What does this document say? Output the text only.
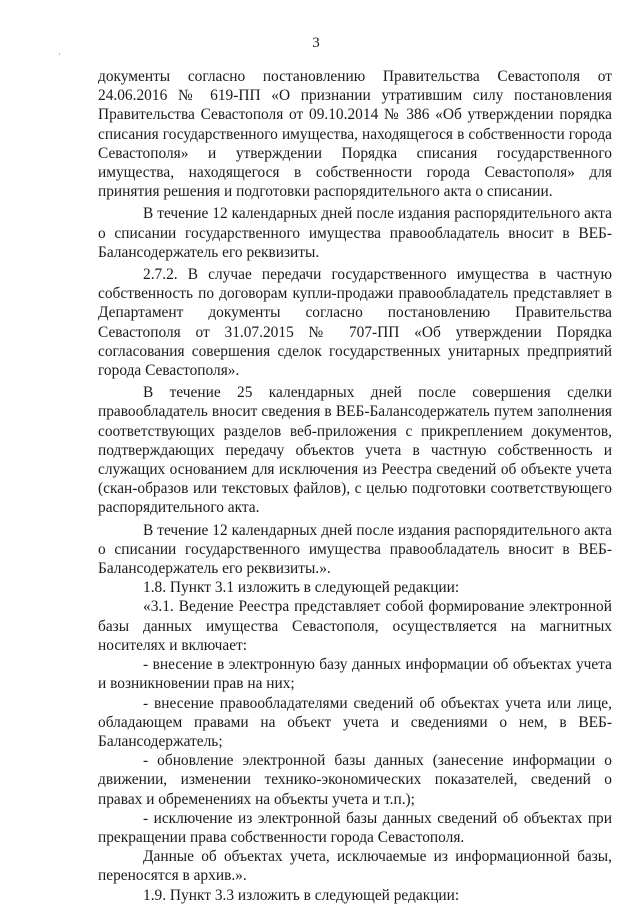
3
·

документы согласно постановлению Правительства Севастополя от 24.06.2016 № 619-ПП «О признании утратившим силу постановления Правительства Севастополя от 09.10.2014 № 386 «Об утверждении порядка списания государственного имущества, находящегося в собственности города Севастополя» и утверждении Порядка списания государственного имущества, находящегося в собственности города Севастополя» для принятия решения и подготовки распорядительного акта о списании.

В течение 12 календарных дней после издания распорядительного акта о списании государственного имущества правообладатель вносит в ВЕБ-Балансодержатель его реквизиты.

2.7.2. В случае передачи государственного имущества в частную собственность по договорам купли-продажи правообладатель представляет в Департамент документы согласно постановлению Правительства Севастополя от 31.07.2015 № 707-ПП «Об утверждении Порядка согласования совершения сделок государственных унитарных предприятий города Севастополя».

В течение 25 календарных дней после совершения сделки правообладатель вносит сведения в ВЕБ-Балансодержатель путем заполнения соответствующих разделов веб-приложения с прикреплением документов, подтверждающих передачу объектов учета в частную собственность и служащих основанием для исключения из Реестра сведений об объекте учета (скан-образов или текстовых файлов), с целью подготовки соответствующего распорядительного акта.

В течение 12 календарных дней после издания распорядительного акта о списании государственного имущества правообладатель вносит в ВЕБ-Балансодержатель его реквизиты.».

1.8. Пункт 3.1 изложить в следующей редакции:

«3.1. Ведение Реестра представляет собой формирование электронной базы данных имущества Севастополя, осуществляется на магнитных носителях и включает:

- внесение в электронную базу данных информации об объектах учета и возникновении прав на них;

- внесение правообладателями сведений об объектах учета или лице, обладающем правами на объект учета и сведениями о нем, в ВЕБ-Балансодержатель;

- обновление электронной базы данных (занесение информации о движении, изменении технико-экономических показателей, сведений о правах и обременениях на объекты учета и т.п.);

- исключение из электронной базы данных сведений об объектах при прекращении права собственности города Севастополя.

Данные об объектах учета, исключаемые из информационной базы, переносятся в архив.».

1.9. Пункт 3.3 изложить в следующей редакции:
